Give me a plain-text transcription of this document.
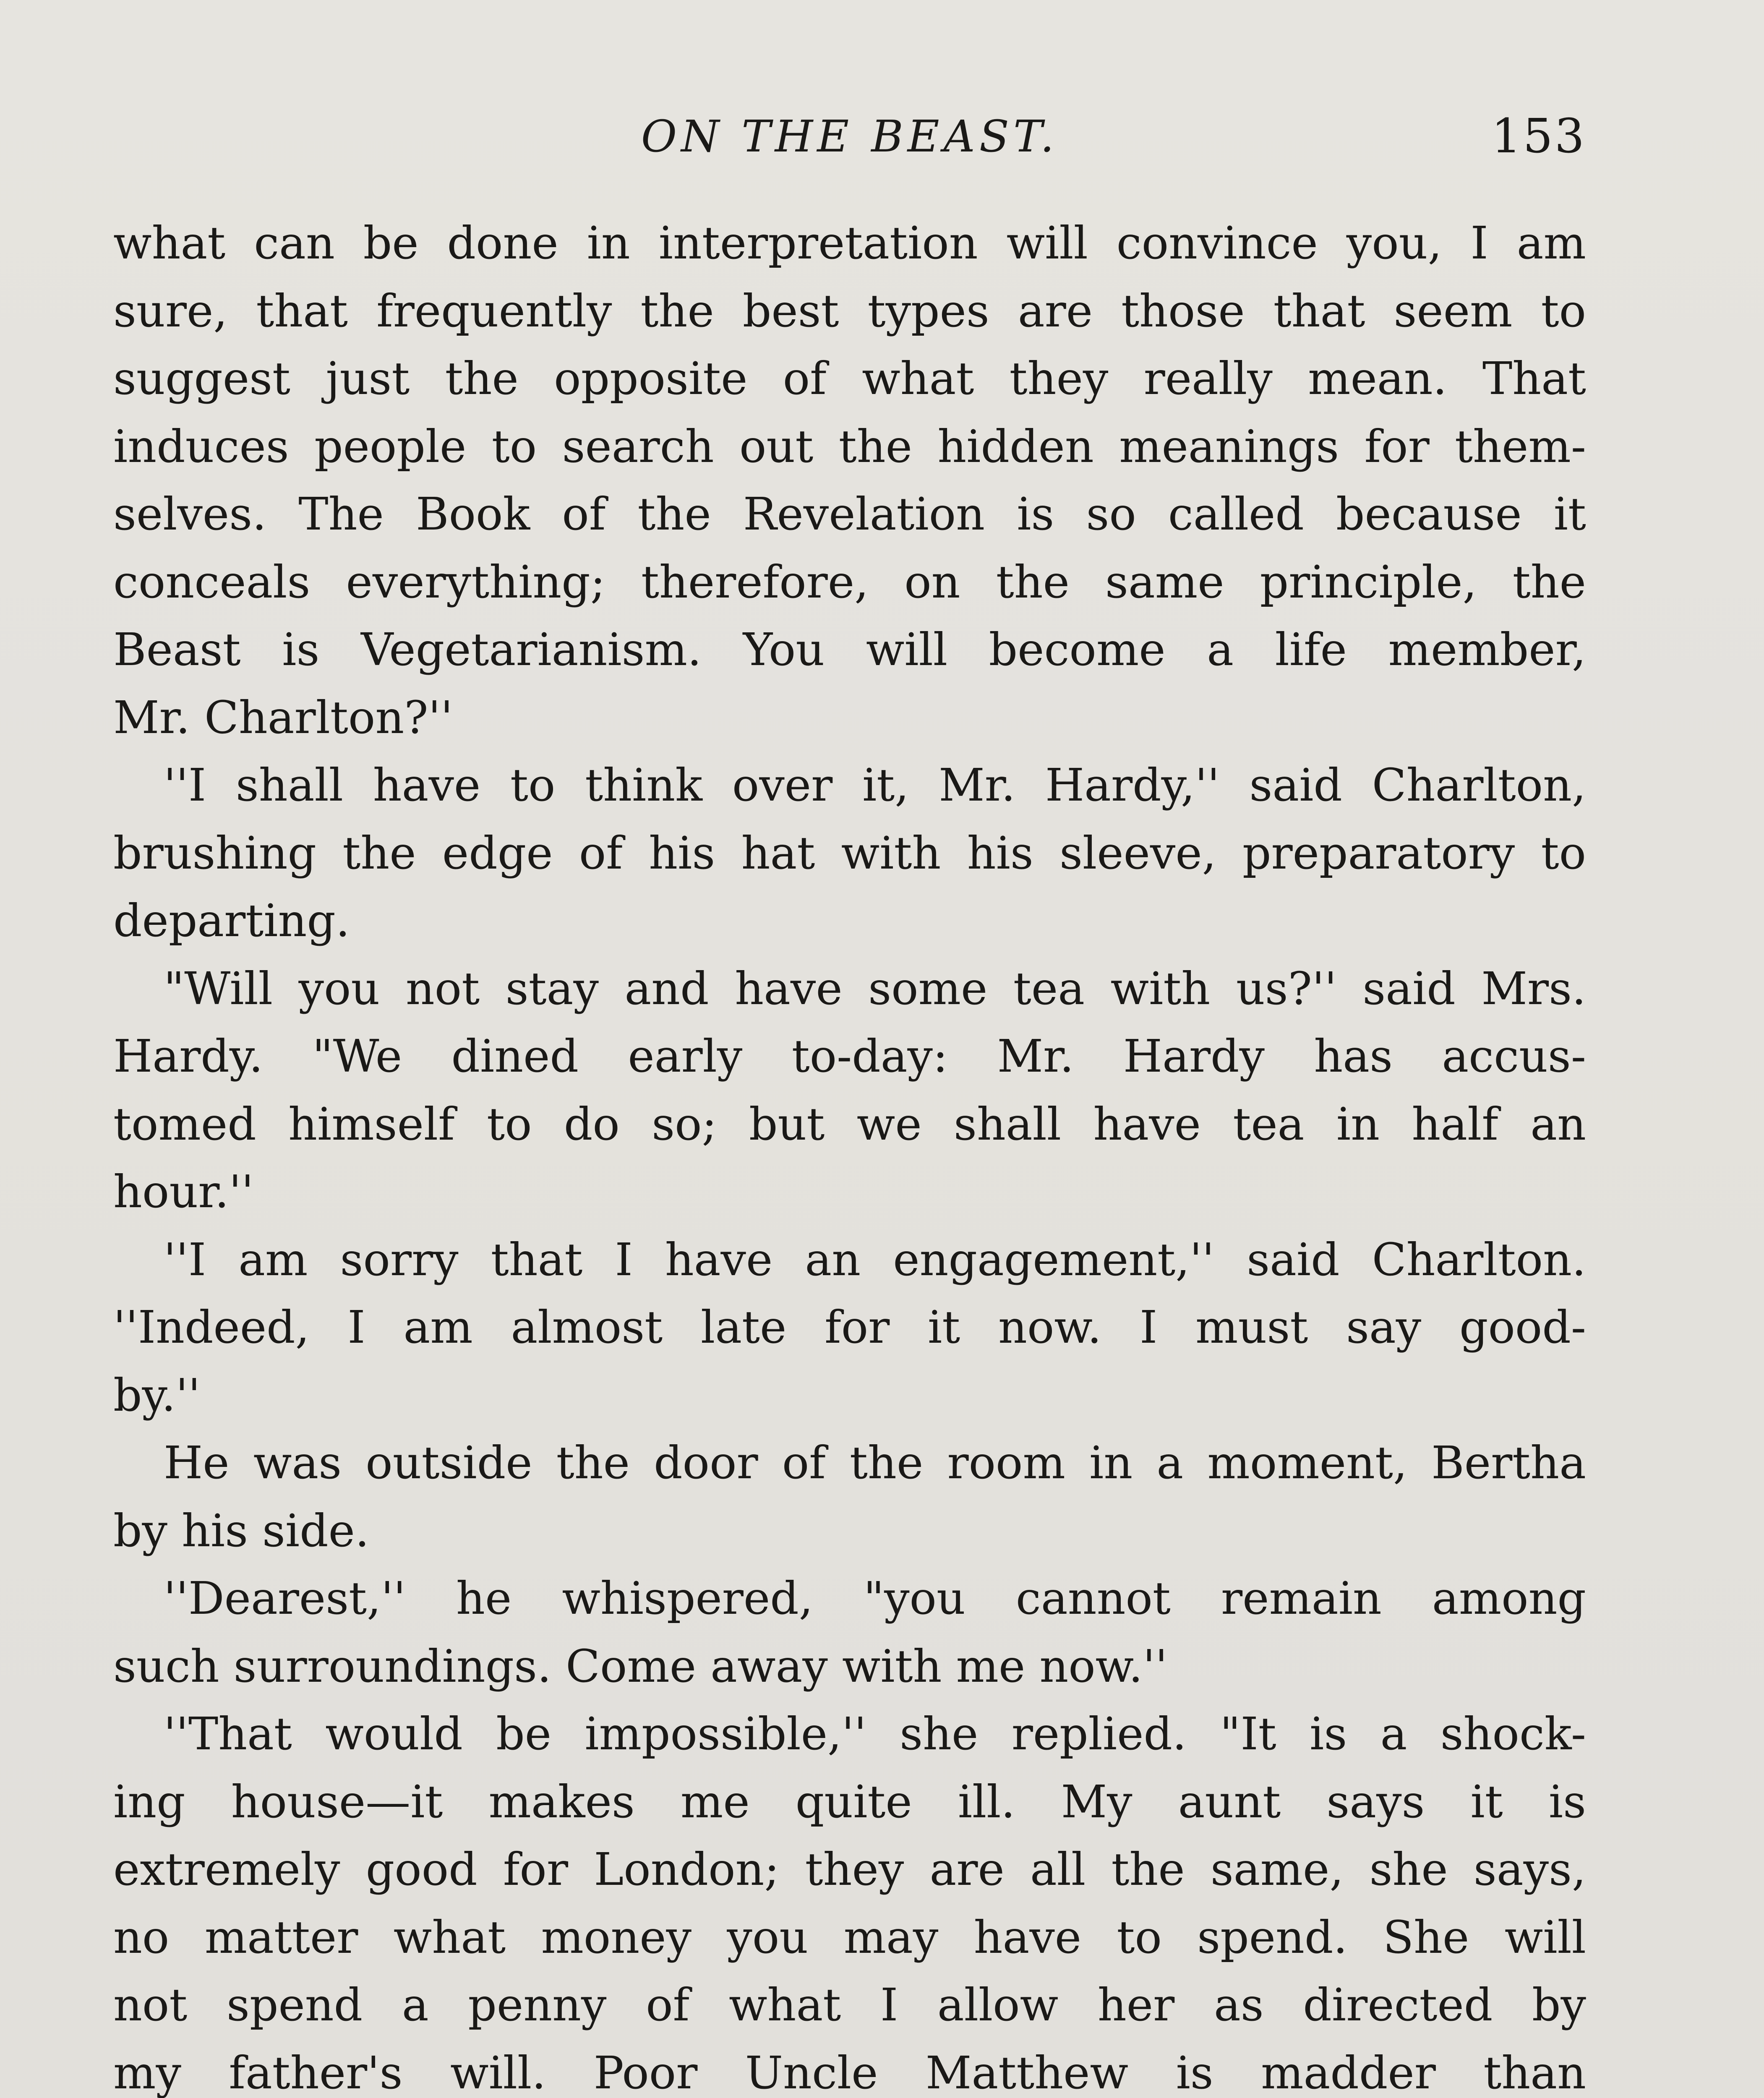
ON THE BEAST.	153

what can be done in interpretation will convince you, I am

sure, that frequently the best types are those that seem to

suggest just the opposite of what they really mean. That

induces people to search out the hidden meanings for them-

selves. The Book of the Revelation is so called because it

conceals everything; therefore, on the same principle, the

Beast is Vegetarianism. You will become a life member,

Mr. Charlton?''

''I shall have to think over it, Mr. Hardy,'' said Charlton,

brushing the edge of his hat with his sleeve, preparatory to

departing.

"Will you not stay and have some tea with us?'' said Mrs.

Hardy. "We dined early to-day: Mr. Hardy has accus-

tomed himself to do so; but we shall have tea in half an

hour.''

''I am sorry that I have an engagement,'' said Charlton.

''Indeed, I am almost late for it now. I must say good-

by.''

He was outside the door of the room in a moment, Bertha

by his side.

''Dearest,'' he whispered, "you cannot remain among

such surroundings. Come away with me now.''

''That would be impossible,'' she replied. "It is a shock-

ing house—it makes me quite ill. My aunt says it is

extremely good for London; they are all the same, she says,

no matter what money you may have to spend. She will

not spend a penny of what I allow her as directed by

my father's will. Poor Uncle Matthew is madder than
